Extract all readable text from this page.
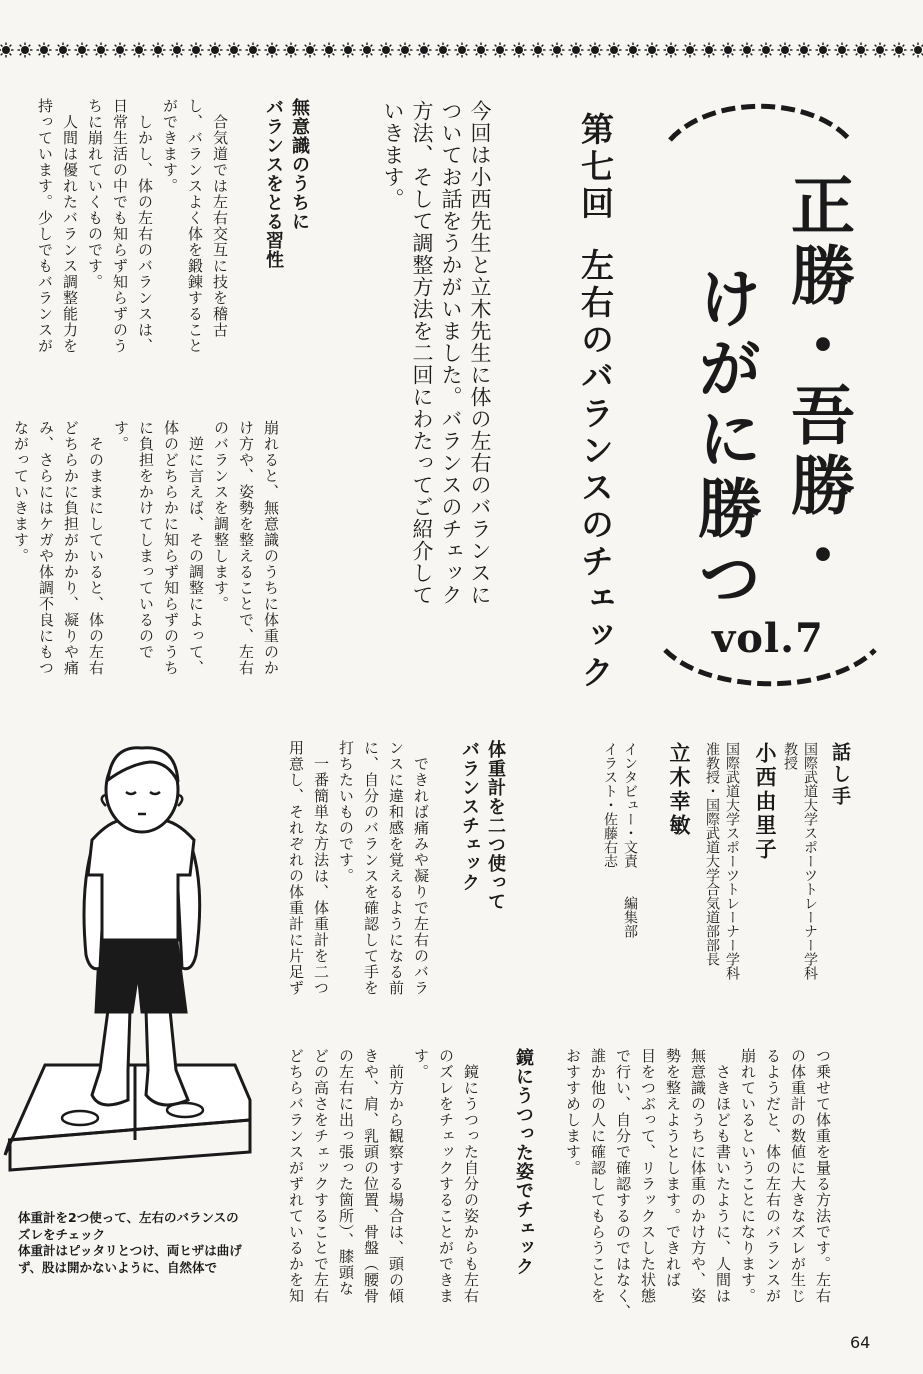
正勝・吾勝・
けがに勝つ
vol.7
第七回
左右のバランスのチェック
今回は小西先生と立木先生に体の左右のバランスに
ついてお話をうかがいました。バランスのチェック
方法、そして調整方法を二回にわたってご紹介して
いきます。
無意識のうちに
バランスをとる習性
　合気道では左右交互に技を稽古
し、バランスよく体を鍛錬すること
ができます。
　しかし、体の左右のバランスは、
日常生活の中でも知らず知らずのう
ちに崩れていくものです。
　人間は優れたバランス調整能力を
持っています。少しでもバランスが
崩れると、無意識のうちに体重のか
け方や、姿勢を整えることで、左右
のバランスを調整します。
　逆に言えば、その調整によって、
体のどちらかに知らず知らずのうち
に負担をかけてしまっているので
す。
　そのままにしていると、体の左右
どちらかに負担がかかり、凝りや痛
み、さらにはケガや体調不良にもつ
ながっていきます。
話し手
国際武道大学スポーツトレーナー学科
教授
小西由里子
国際武道大学スポーツトレーナー学科
准教授・国際武道大学合気道部部長
立木幸敏
インタビュー・文責　　編集部
イラスト・佐藤右志
体重計を二つ使って
バランスチェック
　できれば痛みや凝りで左右のバラ
ンスに違和感を覚えるようになる前
に、自分のバランスを確認して手を
打ちたいものです。
　一番簡単な方法は、体重計を二つ
用意し、それぞれの体重計に片足ず
つ乗せて体重を量る方法です。左右
の体重計の数値に大きなズレが生じ
るようだと、体の左右のバランスが
崩れているということになります。
　さきほども書いたように、人間は
無意識のうちに体重のかけ方や、姿
勢を整えようとします。できれば
目をつぶって、リラックスした状態
で行い、自分で確認するのではなく、
誰か他の人に確認してもらうことを
おすすめします。
鏡にうつった姿でチェック
　鏡にうつった自分の姿からも左右
のズレをチェックすることができま
す。
　前方から観察する場合は、頭の傾
きや、肩、乳頭の位置、骨盤（腰骨
の左右に出っ張った箇所）、膝頭な
どの高さをチェックすることで左右
どちらバランスがずれているかを知
体重計を2つ使って、左右のバランスの
ズレをチェック
体重計はピッタリとつけ、両ヒザは曲げ
ず、股は開かないように、自然体で
64
